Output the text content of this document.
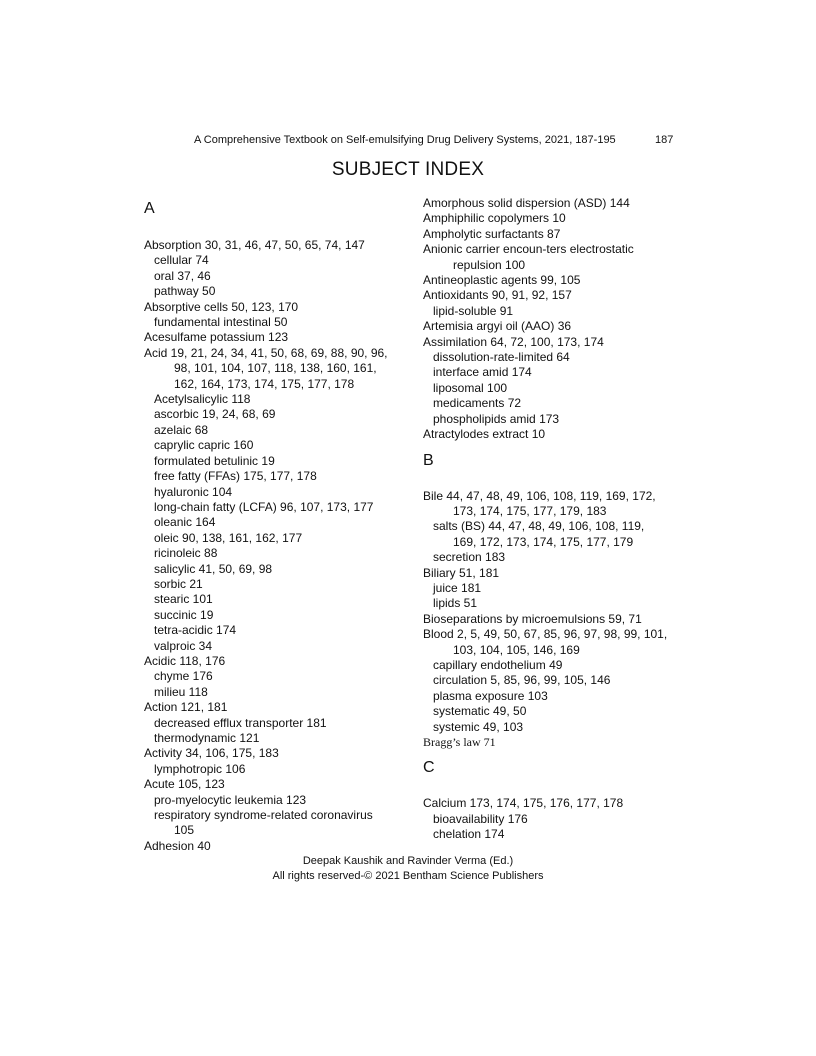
A Comprehensive Textbook on Self-emulsifying Drug Delivery Systems, 2021, 187-195	187
SUBJECT INDEX
A
Absorption 30, 31, 46, 47, 50, 65, 74, 147
cellular 74
oral 37, 46
pathway 50
Absorptive cells 50, 123, 170
fundamental intestinal 50
Acesulfame potassium 123
Acid 19, 21, 24, 34, 41, 50, 68, 69, 88, 90, 96,
98, 101, 104, 107, 118, 138, 160, 161,
162, 164, 173, 174, 175, 177, 178
Acetylsalicylic 118
ascorbic 19, 24, 68, 69
azelaic 68
caprylic capric 160
formulated betulinic 19
free fatty (FFAs) 175, 177, 178
hyaluronic 104
long-chain fatty (LCFA) 96, 107, 173, 177
oleanic 164
oleic 90, 138, 161, 162, 177
ricinoleic 88
salicylic 41, 50, 69, 98
sorbic 21
stearic 101
succinic 19
tetra-acidic 174
valproic 34
Acidic 118, 176
chyme 176
milieu 118
Action 121, 181
decreased efflux transporter 181
thermodynamic 121
Activity 34, 106, 175, 183
lymphotropic 106
Acute 105, 123
pro-myelocytic leukemia 123
respiratory syndrome-related coronavirus
105
Adhesion 40
Amorphous solid dispersion (ASD) 144
Amphiphilic copolymers 10
Ampholytic surfactants 87
Anionic carrier encoun-ters electrostatic
repulsion 100
Antineoplastic agents 99, 105
Antioxidants 90, 91, 92, 157
lipid-soluble 91
Artemisia argyi oil (AAO) 36
Assimilation 64, 72, 100, 173, 174
dissolution-rate-limited 64
interface amid 174
liposomal 100
medicaments 72
phospholipids amid 173
Atractylodes extract 10
B
Bile 44, 47, 48, 49, 106, 108, 119, 169, 172,
173, 174, 175, 177, 179, 183
salts (BS) 44, 47, 48, 49, 106, 108, 119,
169, 172, 173, 174, 175, 177, 179
secretion 183
Biliary 51, 181
juice 181
lipids 51
Bioseparations by microemulsions 59, 71
Blood 2, 5, 49, 50, 67, 85, 96, 97, 98, 99, 101,
103, 104, 105, 146, 169
capillary endothelium 49
circulation 5, 85, 96, 99, 105, 146
plasma exposure 103
systematic 49, 50
systemic 49, 103
Bragg’s law 71
C
Calcium 173, 174, 175, 176, 177, 178
bioavailability 176
chelation 174
Deepak Kaushik and Ravinder Verma (Ed.)
All rights reserved-© 2021 Bentham Science Publishers
